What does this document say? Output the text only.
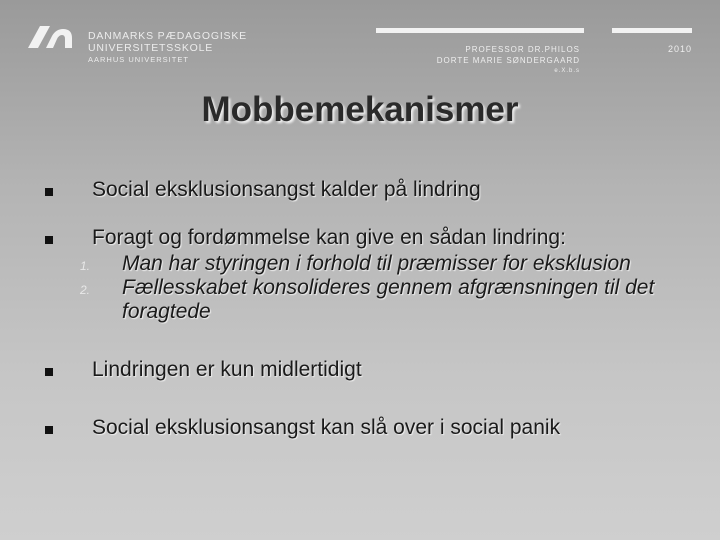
DANMARKS PÆDAGOGISKE
UNIVERSITETSSKOLE
AARHUS UNIVERSITET
PROFESSOR DR.PHILOS
DORTE MARIE SØNDERGAARD
e.X.b.s
2010
Mobbemekanismer
Social eksklusionsangst kalder på lindring
Foragt og fordømmelse kan give en sådan lindring:
1. Man har styringen i forhold til præmisser for eksklusion
2. Fællesskabet konsolideres gennem afgrænsningen til det foragtede
Lindringen er kun midlertidigt
Social eksklusionsangst kan slå over i social panik
